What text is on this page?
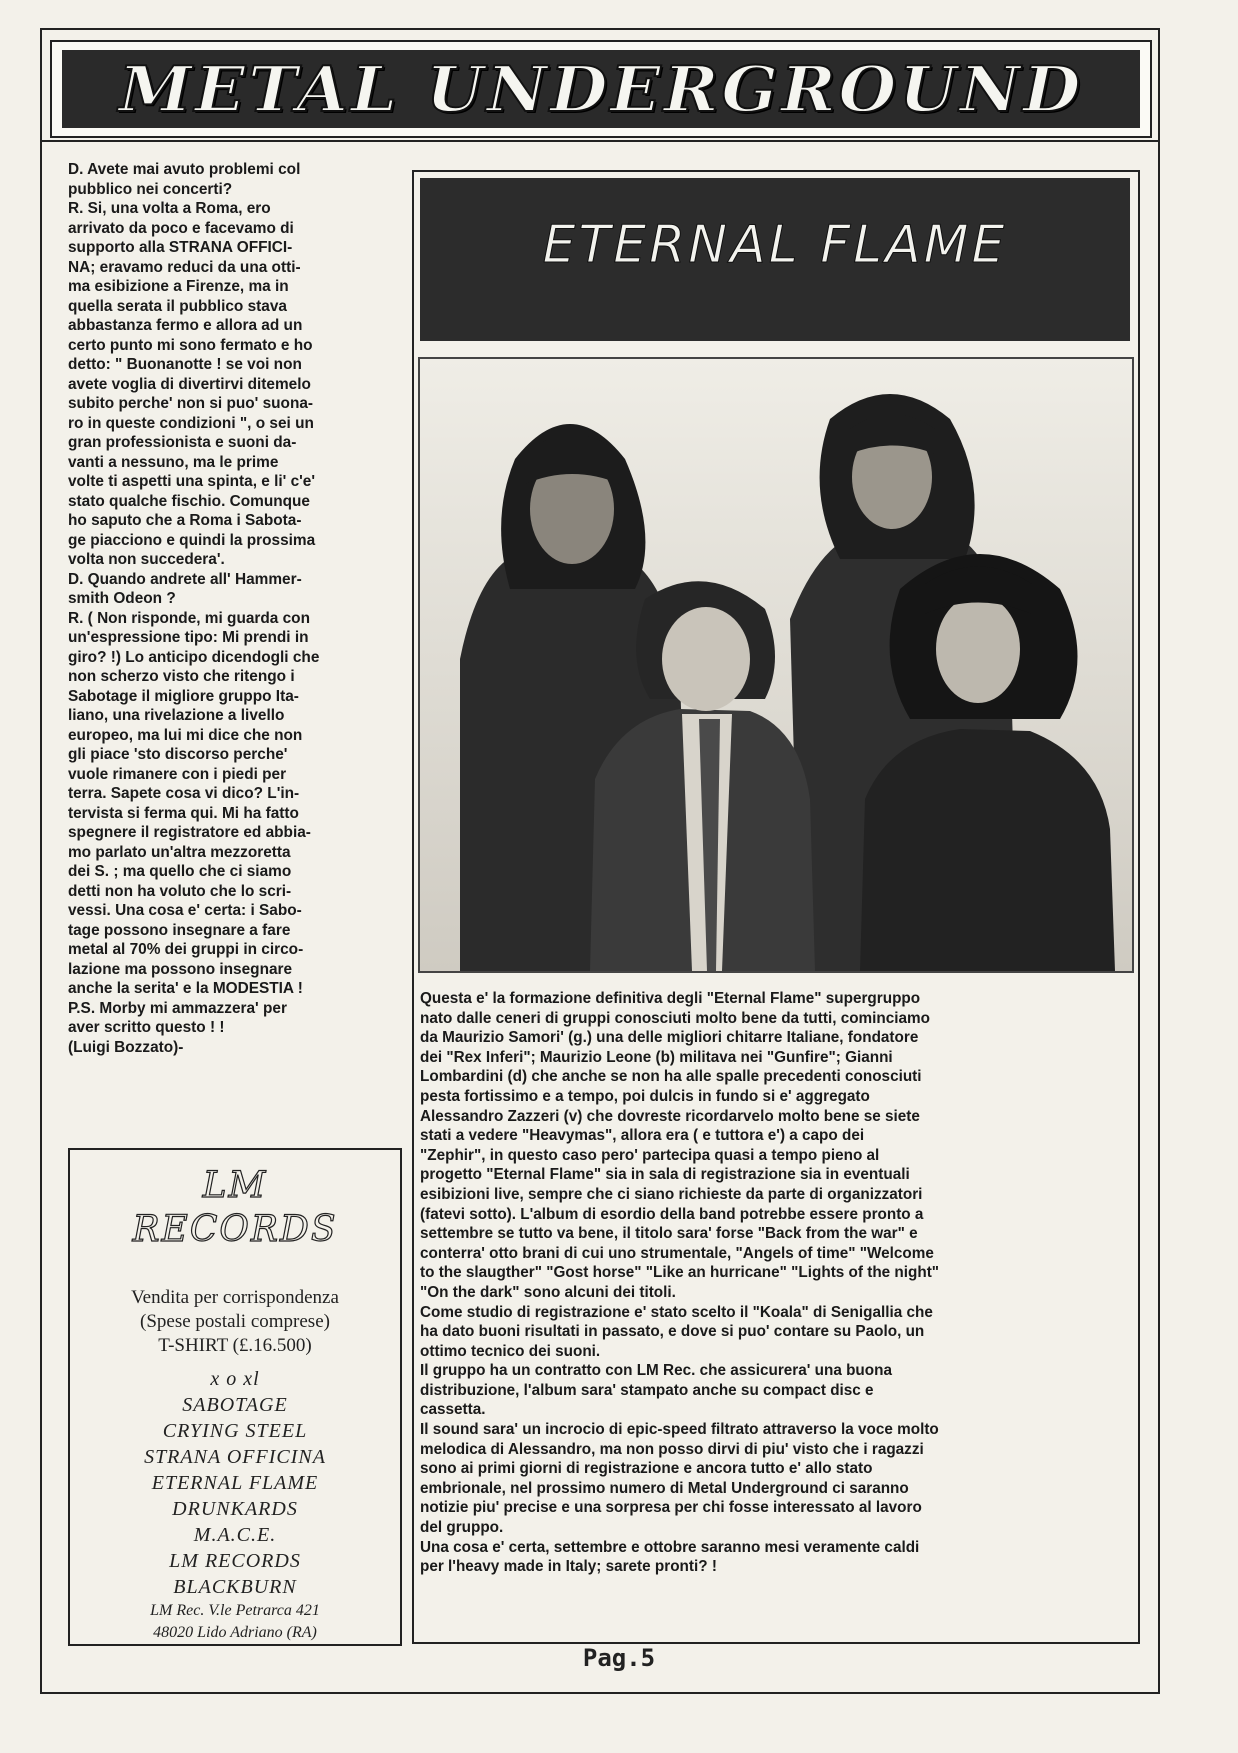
METAL UNDERGROUND

D. Avete mai avuto problemi col
pubblico nei concerti?
R. Si, una volta a Roma, ero
arrivato da poco e facevamo di
supporto alla STRANA OFFICI-
NA; eravamo reduci da una otti-
ma esibizione a Firenze, ma in
quella serata il pubblico stava
abbastanza fermo e allora ad un
certo punto mi sono fermato e ho
detto: " Buonanotte ! se voi non
avete voglia di divertirvi ditemelo
subito perche' non si puo' suona-
ro in queste condizioni ", o sei un
gran professionista e suoni da-
vanti a nessuno, ma le prime
volte ti aspetti una spinta, e li' c'e'
stato qualche fischio. Comunque
ho saputo che a Roma i Sabota-
ge piacciono e quindi la prossima
volta non succedera'.
D. Quando andrete all' Hammer-
smith Odeon ?
R. ( Non risponde, mi guarda con
un'espressione tipo: Mi prendi in
giro? !) Lo anticipo dicendogli che
non scherzo visto che ritengo i
Sabotage il migliore gruppo Ita-
liano, una rivelazione a livello
europeo, ma lui mi dice che non
gli piace 'sto discorso perche'
vuole rimanere con i piedi per
terra. Sapete cosa vi dico? L'in-
tervista si ferma qui. Mi ha fatto
spegnere il registratore ed abbia-
mo parlato un'altra mezzoretta
dei S. ; ma quello che ci siamo
detti non ha voluto che lo scri-
vessi. Una cosa e' certa: i Sabo-
tage possono insegnare a fare
metal al 70% dei gruppi in circo-
lazione ma possono insegnare
anche la serita' e la MODESTIA !
P.S. Morby mi ammazzera' per
aver scritto questo ! !
(Luigi Bozzato)-

LM
RECORDS
Vendita per corrispondenza
(Spese postali comprese)
T-SHIRT (£.16.500)
x o xl
SABOTAGE
CRYING STEEL
STRANA OFFICINA
ETERNAL FLAME
DRUNKARDS
M.A.C.E.
LM RECORDS
BLACKBURN
LM Rec. V.le Petrarca 421
48020 Lido Adriano (RA)
ETERNAL FLAME

Questa e' la formazione definitiva degli "Eternal Flame" supergruppo
nato dalle ceneri di gruppi conosciuti molto bene da tutti, cominciamo
da Maurizio Samori' (g.) una delle migliori chitarre Italiane, fondatore
dei "Rex Inferi"; Maurizio Leone (b) militava nei "Gunfire"; Gianni
Lombardini (d) che anche se non ha alle spalle precedenti conosciuti
pesta fortissimo e a tempo, poi dulcis in fundo si e' aggregato
Alessandro Zazzeri (v) che dovreste ricordarvelo molto bene se siete
stati a vedere "Heavymas", allora era ( e tuttora e') a capo dei
"Zephir", in questo caso pero' partecipa quasi a tempo pieno al
progetto "Eternal Flame" sia in sala di registrazione sia in eventuali
esibizioni live, sempre che ci siano richieste da parte di organizzatori
(fatevi sotto). L'album di esordio della band potrebbe essere pronto a
settembre se tutto va bene, il titolo sara' forse "Back from the war" e
conterra' otto brani di cui uno strumentale, "Angels of time" "Welcome
to the slaugther" "Gost horse" "Like an hurricane" "Lights of the night"
"On the dark" sono alcuni dei titoli.
Come studio di registrazione e' stato scelto il "Koala" di Senigallia che
ha dato buoni risultati in passato, e dove si puo' contare su Paolo, un
ottimo tecnico dei suoni.
Il gruppo ha un contratto con LM Rec. che assicurera' una buona
distribuzione, l'album sara' stampato anche su compact disc e
cassetta.
Il sound sara' un incrocio di epic-speed filtrato attraverso la voce molto
melodica di Alessandro, ma non posso dirvi di piu' visto che i ragazzi
sono ai primi giorni di registrazione e ancora tutto e' allo stato
embrionale, nel prossimo numero di Metal Underground ci saranno
notizie piu' precise e una sorpresa per chi fosse interessato al lavoro
del gruppo.
Una cosa e' certa, settembre e ottobre saranno mesi veramente caldi
per l'heavy made in Italy; sarete pronti? !

Pag.5
